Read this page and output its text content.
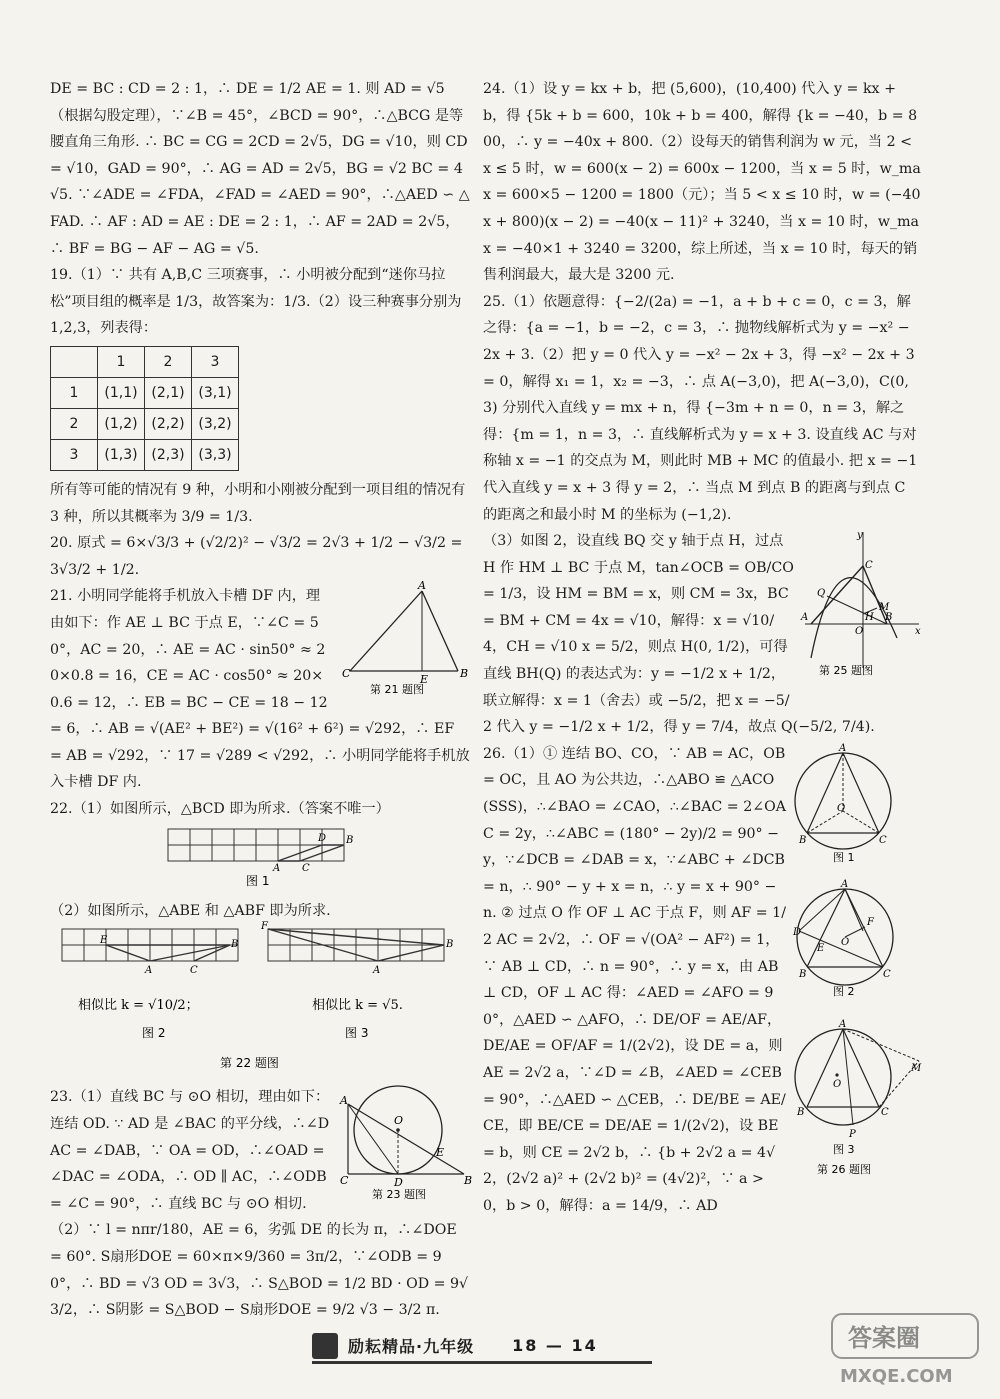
DE = BC : CD = 2 : 1，∴ DE = 1/2 AE = 1. 则 AD = √5（根据勾股定理），∵∠B = 45°，∠BCD = 90°，∴△BCG 是等腰直角三角形. ∴ BC = CG = 2CD = 2√5，DG = √10，则 CD = √10，GAD = 90°，∴ AG = AD = 2√5，BG = √2 BC = 4√5. ∵∠ADE = ∠FDA，∠FAD = ∠AED = 90°，∴△AED ∽ △FAD. ∴ AF : AD = AE : DE = 2 : 1，∴ AF = 2AD = 2√5，∴ BF = BG − AF − AG = √5.

19.（1）∵ 共有 A,B,C 三项赛事，∴ 小明被分配到“迷你马拉松”项目组的概率是 1/3，故答案为：1/3.（2）设三种赛事分别为 1,2,3，列表得：

	1	2	3
1	(1,1)	(2,1)	(3,1)
2	(1,2)	(2,2)	(3,2)
3	(1,3)	(2,3)	(3,3)

所有等可能的情况有 9 种，小明和小刚被分配到一项目组的情况有 3 种，所以其概率为 3/9 = 1/3.

20. 原式 = 6×√3/3 + (√2/2)² − √3/2 = 2√3 + 1/2 − √3/2 = 3√3/2 + 1/2.

A
C	B
E
第 21 题图

21. 小明同学能将手机放入卡槽 DF 内，理由如下：作 AE ⊥ BC 于点 E，∵∠C = 50°，AC = 20，∴ AE = AC · sin50° ≈ 20×0.8 = 16，CE = AC · cos50° ≈ 20×0.6 = 12，∴ EB = BC − CE = 18 − 12 = 6，∴ AB = √(AE² + BE²) = √(16² + 6²) = √292，∴ EF = AB = √292，∵ 17 = √289 < √292，∴ 小明同学能将手机放入卡槽 DF 内.

22.（1）如图所示，△BCD 即为所求.（答案不唯一）

D B
A C
图 1

（2）如图所示，△ABE 和 △ABF 即为所求.

E	B
A	C
F
B
A
相似比 k = √10/2；	相似比 k = √5.
图 2	图 3
第 22 题图
A
O
E
C	D	B
第 23 题图

23.（1）直线 BC 与 ⊙O 相切，理由如下：连结 OD. ∵ AD 是 ∠BAC 的平分线，∴∠DAC = ∠DAB，∵ OA = OD，∴∠OAD = ∠DAC = ∠ODA，∴ OD ∥ AC，∴∠ODB = ∠C = 90°，∴ 直线 BC 与 ⊙O 相切.（2）∵ l = nπr/180，AE = 6，劣弧 DE 的长为 π，∴∠DOE = 60°. S扇形DOE = 60×π×9/360 = 3π/2，∵∠ODB = 90°，∴ BD = √3 OD = 3√3，∴ S△BOD = 1/2 BD · OD = 9√3/2，∴ S阴影 = S△BOD − S扇形DOE = 9/2 √3 − 3/2 π.

24.（1）设 y = kx + b，把 (5,600)，(10,400) 代入 y = kx + b，得 {5k + b = 600，10k + b = 400，解得 {k = −40，b = 800，∴ y = −40x + 800.（2）设每天的销售利润为 w 元，当 2 < x ≤ 5 时，w = 600(x − 2) = 600x − 1200，当 x = 5 时，w_max = 600×5 − 1200 = 1800（元）；当 5 < x ≤ 10 时，w = (−40x + 800)(x − 2) = −40(x − 11)² + 3240，当 x = 10 时，w_max = −40×1 + 3240 = 3200，综上所述，当 x = 10 时，每天的销售利润最大，最大是 3200 元.

25.（1）依题意得：{−2/(2a) = −1，a + b + c = 0，c = 3，解之得：{a = −1，b = −2，c = 3，∴ 抛物线解析式为 y = −x² − 2x + 3.（2）把 y = 0 代入 y = −x² − 2x + 3，得 −x² − 2x + 3 = 0，解得 x₁ = 1，x₂ = −3，∴ 点 A(−3,0)，把 A(−3,0)，C(0,3) 分别代入直线 y = mx + n，得 {−3m + n = 0，n = 3，解之得：{m = 1，n = 3，∴ 直线解析式为 y = x + 3. 设直线 AC 与对称轴 x = −1 的交点为 M，则此时 MB + MC 的值最小. 把 x = −1 代入直线 y = x + 3 得 y = 2，∴ 当点 M 到点 B 的距离与到点 C 的距离之和最小时 M 的坐标为 (−1,2).

y
x
C
Q
A	H
M
B
O
第 25 题图

（3）如图 2，设直线 BQ 交 y 轴于点 H，过点 H 作 HM ⊥ BC 于点 M，tan∠OCB = OB/CO = 1/3，设 HM = BM = x，则 CM = 3x，BC = BM + CM = 4x = √10，解得：x = √10/4，CH = √10 x = 5/2，则点 H(0, 1/2)，可得直线 BH(Q) 的表达式为：y = −1/2 x + 1/2，联立解得：x = 1（舍去）或 −5/2，把 x = −5/2 代入 y = −1/2 x + 1/2，得 y = 7/4，故点 Q(−5/2, 7/4).

A
O
B	C
图 1
A
D
F
O
E
B	C
图 2
A
O
M
B	C
P
图 3
第 26 题图

26.（1）① 连结 BO、CO，∵ AB = AC，OB = OC，且 AO 为公共边，∴△ABO ≌ △ACO(SSS)，∴∠BAO = ∠CAO，∴∠BAC = 2∠OAC = 2y，∴∠ABC = (180° − 2y)/2 = 90° − y，∵∠DCB = ∠DAB = x，∵∠ABC + ∠DCB = n，∴ 90° − y + x = n，∴ y = x + 90° − n. ② 过点 O 作 OF ⊥ AC 于点 F，则 AF = 1/2 AC = 2√2，∴ OF = √(OA² − AF²) = 1，∵ AB ⊥ CD，∴ n = 90°，∴ y = x，由 AB ⊥ CD，OF ⊥ AC 得：∠AED = ∠AFO = 90°，△AED ∽ △AFO，∴ DE/OF = AE/AF，DE/AE = OF/AF = 1/(2√2)，设 DE = a，则 AE = 2√2 a，∵∠D = ∠B，∠AED = ∠CEB = 90°，∴△AED ∽ △CEB，∴ DE/BE = AE/CE，即 BE/CE = DE/AE = 1/(2√2)，设 BE = b，则 CE = 2√2 b，∴ {b + 2√2 a = 4√2，(2√2 a)² + (2√2 b)² = (4√2)²，∵ a > 0，b > 0，解得：a = 14/9，∴ AD

励耘精品·九年级 18 — 14	答案圈
MXQE.COM
